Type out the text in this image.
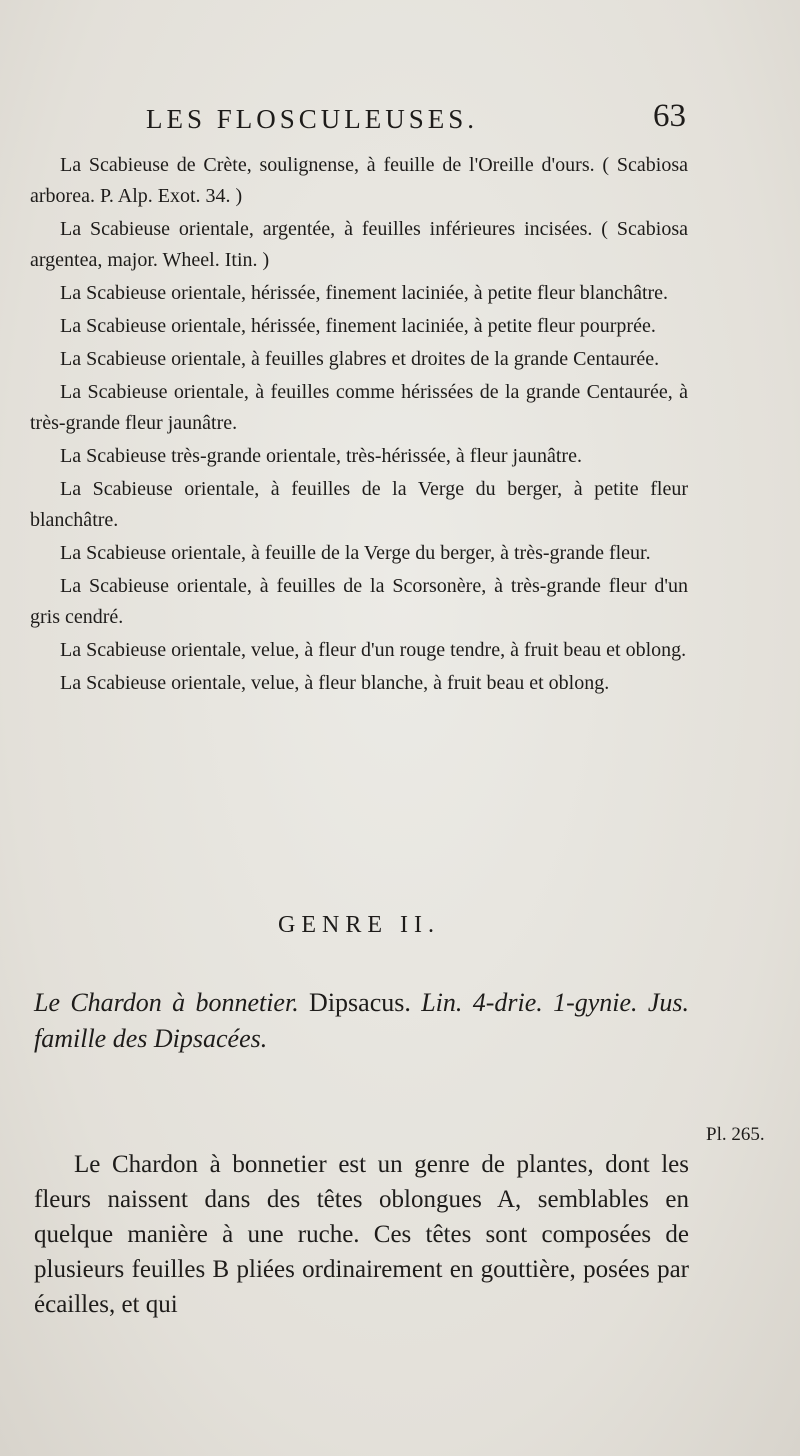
LES FLOSCULEUSES.	63

La Scabieuse de Crète, soulignense, à feuille de l'Oreille d'ours. ( Scabiosa arborea. P. Alp. Exot. 34. )

La Scabieuse orientale, argentée, à feuilles inférieures incisées. ( Scabiosa argentea, major. Wheel. Itin. )

La Scabieuse orientale, hérissée, finement laciniée, à petite fleur blanchâtre.

La Scabieuse orientale, hérissée, finement laciniée, à petite fleur pourprée.

La Scabieuse orientale, à feuilles glabres et droites de la grande Centaurée.

La Scabieuse orientale, à feuilles comme hérissées de la grande Centaurée, à très-grande fleur jaunâtre.

La Scabieuse très-grande orientale, très-hérissée, à fleur jaunâtre.

La Scabieuse orientale, à feuilles de la Verge du berger, à petite fleur blanchâtre.

La Scabieuse orientale, à feuille de la Verge du berger, à très-grande fleur.

La Scabieuse orientale, à feuilles de la Scorsonère, à très-grande fleur d'un gris cendré.

La Scabieuse orientale, velue, à fleur d'un rouge tendre, à fruit beau et oblong.

La Scabieuse orientale, velue, à fleur blanche, à fruit beau et oblong.

GENRE II.
Le Chardon à bonnetier. Dipsacus. Lin. 4-drie. 1-gynie. Jus. famille des Dipsacées.

Le Chardon à bonnetier est un genre de plantes, dont les fleurs naissent dans des têtes oblongues A, semblables en quelque manière à une ruche. Ces têtes sont composées de plusieurs feuilles B pliées ordinairement en gouttière, posées par écailles, et qui

Pl. 265.
